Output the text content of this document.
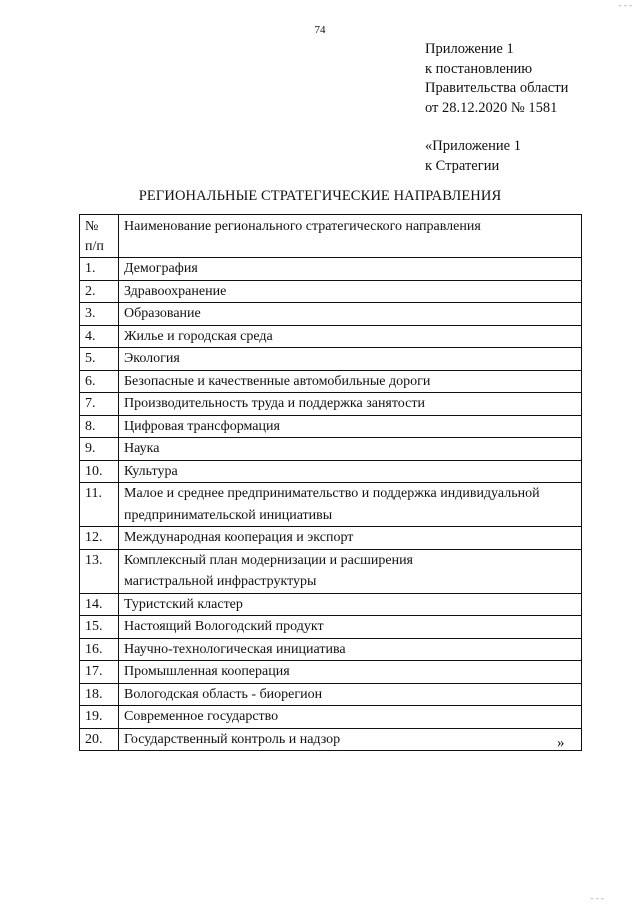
- - -
74
Приложение 1
к постановлению
Правительства области
от 28.12.2020 № 1581
«Приложение 1
к Стратегии
РЕГИОНАЛЬНЫЕ СТРАТЕГИЧЕСКИЕ НАПРАВЛЕНИЯ
№
п/п	Наименование регионального стратегического направления
1.	Демография
2.	Здравоохранение
3.	Образование
4.	Жилье и городская среда
5.	Экология
6.	Безопасные и качественные автомобильные дороги
7.	Производительность труда и поддержка занятости
8.	Цифровая трансформация
9.	Наука
10.	Культура
11.	Малое и среднее предпринимательство и поддержка индивидуальной
предпринимательской инициативы

12.	Международная кооперация и экспорт
13.	Комплексный план модернизации и расширения
магистральной инфраструктуры

14.	Туристский кластер
15.	Настоящий Вологодский продукт
16.	Научно-технологическая инициатива
17.	Промышленная кооперация
18.	Вологодская область - биорегион
19.	Современное государство
20.	Государственный контроль и надзор	»
- - -
